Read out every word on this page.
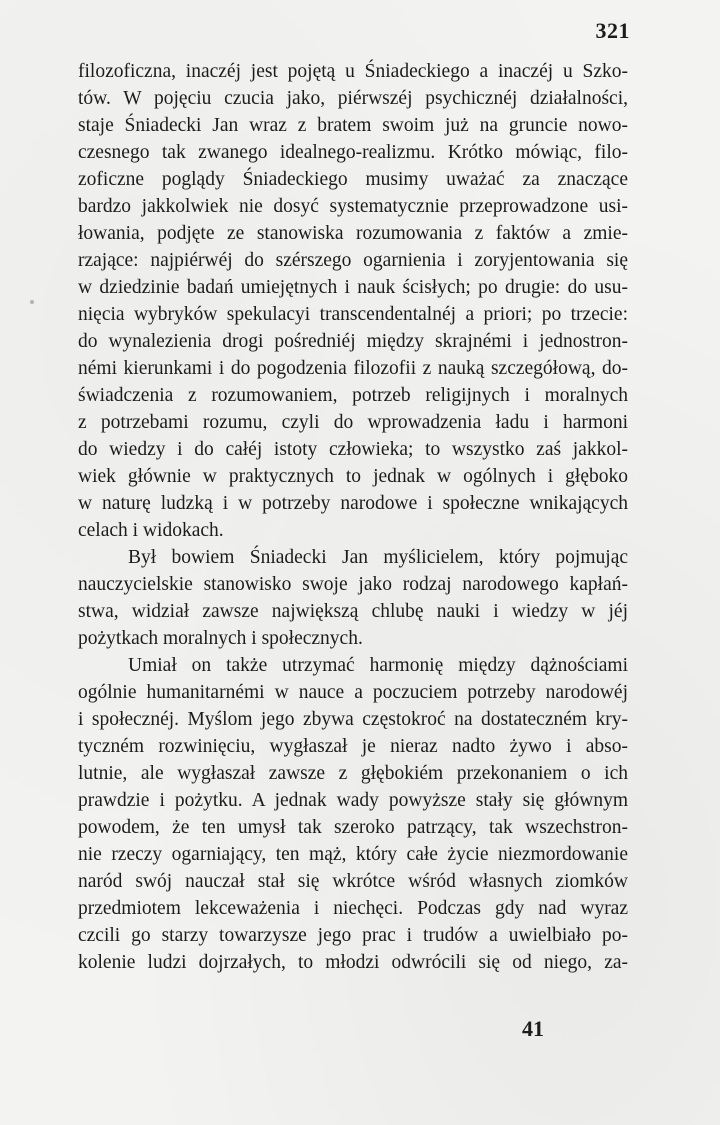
321
filozoficzna, inaczéj jest pojętą u Śniadeckiego a inaczéj u Szko-
tów. W pojęciu czucia jako, piérwszéj psychicznéj działalności,
staje Śniadecki Jan wraz z bratem swoim już na gruncie nowo-
czesnego tak zwanego idealnego-realizmu. Krótko mówiąc, filo-
zoficzne poglądy Śniadeckiego musimy uważać za znaczące
bardzo jakkolwiek nie dosyć systematycznie przeprowadzone usi-
łowania, podjęte ze stanowiska rozumowania z faktów a zmie-
rzające: najpiérwéj do szérszego ogarnienia i zoryjentowania się
w dziedzinie badań umiejętnych i nauk ścisłych; po drugie: do usu-
nięcia wybryków spekulacyi transcendentalnéj a priori; po trzecie:
do wynalezienia drogi pośredniéj między skrajnémi i jednostron-
némi kierunkami i do pogodzenia filozofii z nauką szczegółową, do-
świadczenia z rozumowaniem, potrzeb religijnych i moralnych
z potrzebami rozumu, czyli do wprowadzenia ładu i harmoni
do wiedzy i do całéj istoty człowieka; to wszystko zaś jakkol-
wiek głównie w praktycznych to jednak w ogólnych i głęboko
w naturę ludzką i w potrzeby narodowe i społeczne wnikających
celach i widokach.
Był bowiem Śniadecki Jan myślicielem, który pojmując
nauczycielskie stanowisko swoje jako rodzaj narodowego kapłań-
stwa, widział zawsze największą chlubę nauki i wiedzy w jéj
pożytkach moralnych i społecznych.
Umiał on także utrzymać harmonię między dążnościami
ogólnie humanitarnémi w nauce a poczuciem potrzeby narodowéj
i społecznéj. Myślom jego zbywa częstokroć na dostateczném kry-
tyczném rozwinięciu, wygłaszał je nieraz nadto żywo i abso-
lutnie, ale wygłaszał zawsze z głębokiém przekonaniem o ich
prawdzie i pożytku. A jednak wady powyższe stały się głównym
powodem, że ten umysł tak szeroko patrzący, tak wszechstron-
nie rzeczy ogarniający, ten mąż, który całe życie niezmordowanie
naród swój nauczał stał się wkrótce wśród własnych ziomków
przedmiotem lekceważenia i niechęci. Podczas gdy nad wyraz
czcili go starzy towarzysze jego prac i trudów a uwielbiało po-
kolenie ludzi dojrzałych, to młodzi odwrócili się od niego, za-
41
